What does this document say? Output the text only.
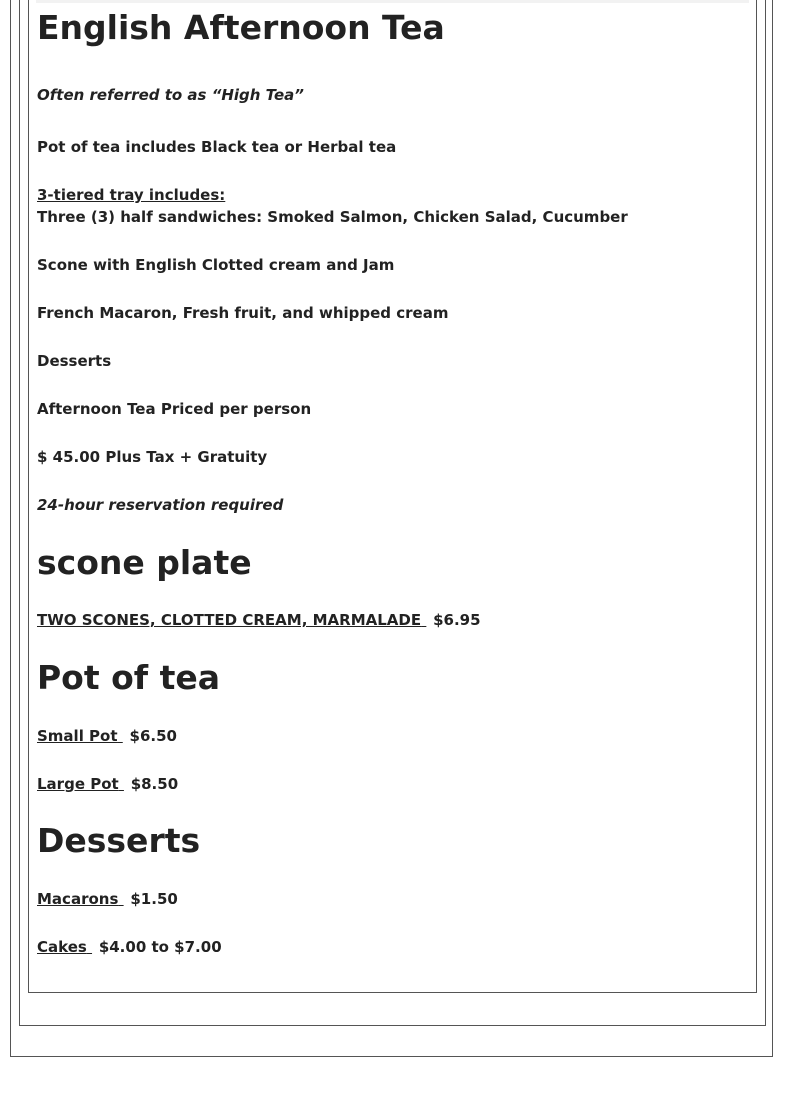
English Afternoon Tea

Often referred to as “High Tea”

Pot of tea includes Black tea or Herbal tea

3-tiered tray includes:

Three (3) half sandwiches: Smoked Salmon, Chicken Salad, Cucumber

Scone with English Clotted cream and Jam

French Macaron, Fresh fruit, and whipped cream

Desserts

Afternoon Tea Priced per person

$ 45.00 Plus Tax + Gratuity

24-hour reservation required

scone plate

TWO SCONES, CLOTTED CREAM, MARMALADE $6.95

Pot of tea

Small Pot $6.50

Large Pot $8.50

Desserts

Macarons $1.50

Cakes $4.00 to $7.00
